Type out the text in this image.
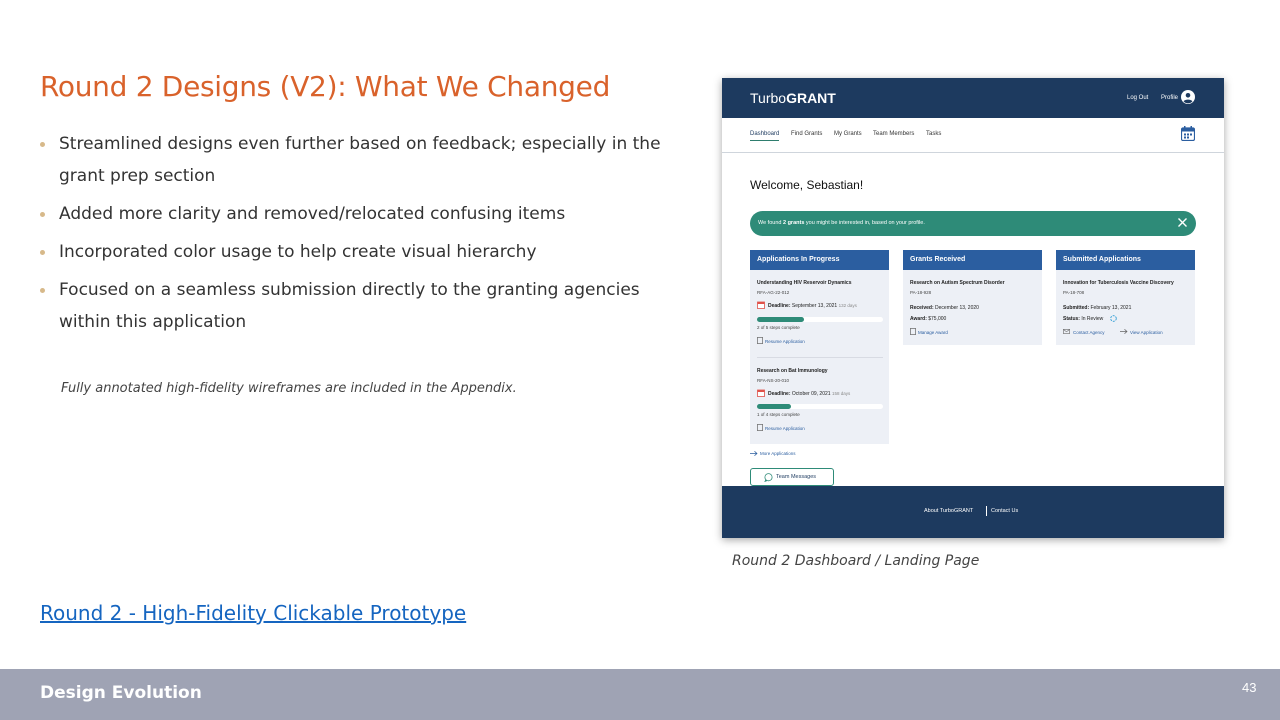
Round 2 Designs (V2): What We Changed
Streamlined designs even further based on feedback; especially in the grant prep section
Added more clarity and removed/relocated confusing items
Incorporated color usage to help create visual hierarchy
Focused on a seamless submission directly to the granting agencies within this application
Fully annotated high-fidelity wireframes are included in the Appendix.
Round 2 - High-Fidelity Clickable Prototype
Round 2 Dashboard / Landing Page
TurboGRANT	Log Out Profile
Dashboard Find Grants My Grants Team Members Tasks
Welcome, Sebastian!
We found 2 grants you might be interested in, based on your profile.
Applications In Progress
Understanding HIV Reservoir Dynamics
RFA-AG-22-012
Deadline: September 13, 2021 132 days
2 of 5 steps complete
Resume Application
Research on Bat Immunology
RFA-NS-20-010
Deadline: October 09, 2021 158 days
1 of 4 steps complete
Resume Application
Grants Received
Research on Autism Spectrum Disorder
PA-18-928
Received: December 13, 2020
Award: $75,000
Manage Award
Submitted Applications
Innovation for Tuberculosis Vaccine Discovery
PA-18-708
Submitted: February 13, 2021
Status: In Review
Contact Agency	View Application
More Applications
Team Messages
About TurboGRANT	Contact Us
Design Evolution	43
